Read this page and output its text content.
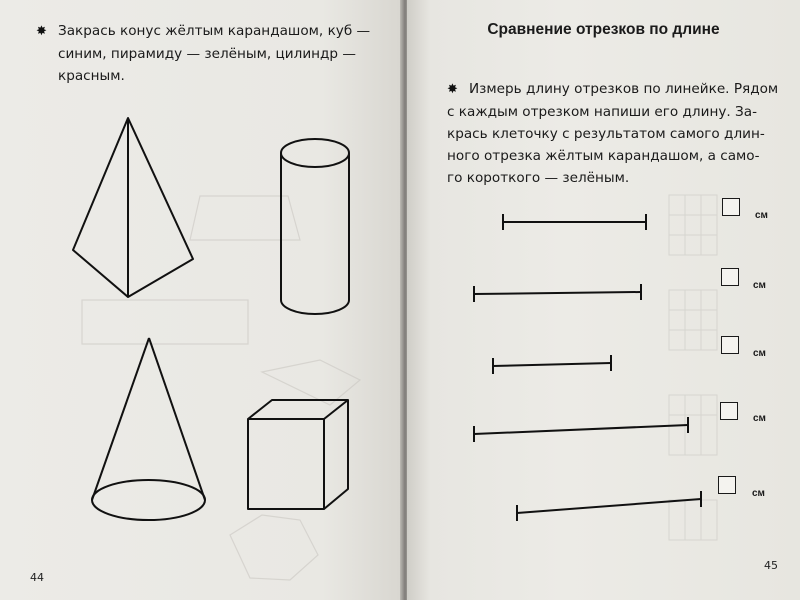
✸ Закрась конус жёлтым карандашом, куб —
синим, пирамиду — зелёным, цилиндр —
красным.

44
Сравнение отрезков по длине

✸ Измерь длину отрезков по линейке. Рядом
с каждым отрезком напиши его длину. За-
крась клеточку с результатом самого длин-
ного отрезка жёлтым карандашом, а само-
го короткого — зелёным.

см
см
см
см
см
45
